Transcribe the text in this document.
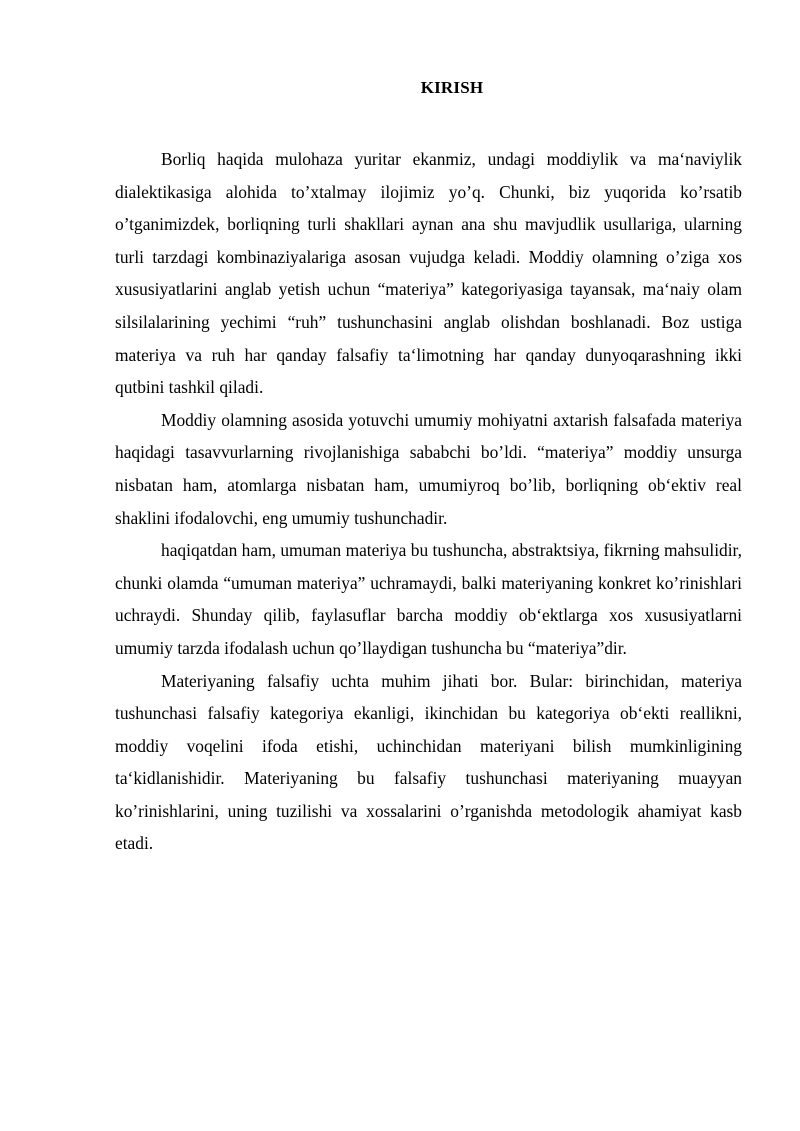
KIRISH

Borliq haqida mulohaza yuritar ekanmiz, undagi moddiylik va ma‘naviylik dialektikasiga alohida to’xtalmay ilojimiz yo’q. Chunki, biz yuqorida ko’rsatib o’tganimizdek, borliqning turli shakllari aynan ana shu mavjudlik usullariga, ularning turli tarzdagi kombinaziyalariga asosan vujudga keladi. Moddiy olamning o’ziga xos xususiyatlarini anglab yetish uchun “materiya” kategoriyasiga tayansak, ma‘naiy olam silsilalarining yechimi “ruh” tushunchasini anglab olishdan boshlanadi. Boz ustiga materiya va ruh har qanday falsafiy ta‘limotning har qanday dunyoqarashning ikki qutbini tashkil qiladi.

Moddiy olamning asosida yotuvchi umumiy mohiyatni axtarish falsafada materiya haqidagi tasavvurlarning rivojlanishiga sababchi bo’ldi. “materiya” moddiy unsurga nisbatan ham, atomlarga nisbatan ham, umumiyroq bo’lib, borliqning ob‘ektiv real shaklini ifodalovchi, eng umumiy tushunchadir.

haqiqatdan ham, umuman materiya bu tushuncha, abstraktsiya, fikrning mahsulidir, chunki olamda “umuman materiya” uchramaydi, balki materiyaning konkret ko’rinishlari uchraydi. Shunday qilib, faylasuflar barcha moddiy ob‘ektlarga xos xususiyatlarni umumiy tarzda ifodalash uchun qo’llaydigan tushuncha bu “materiya”dir.

Materiyaning falsafiy uchta muhim jihati bor. Bular: birinchidan, materiya tushunchasi falsafiy kategoriya ekanligi, ikinchidan bu kategoriya ob‘ekti reallikni, moddiy voqelini ifoda etishi, uchinchidan materiyani bilish mumkinligining ta‘kidlanishidir. Materiyaning bu falsafiy tushunchasi materiyaning muayyan ko’rinishlarini, uning tuzilishi va xossalarini o’rganishda metodologik ahamiyat kasb etadi.
